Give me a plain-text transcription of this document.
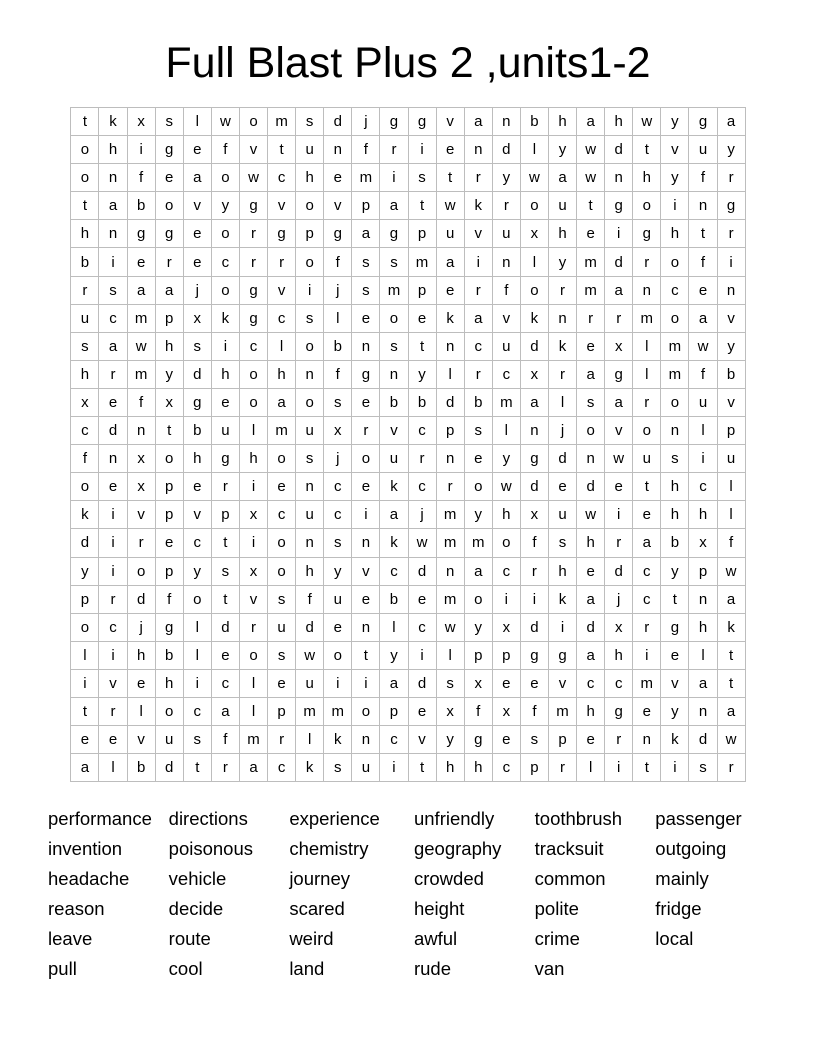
Full Blast Plus 2 ,units1-2
t	k	x	s	l	w	o	m	s	d	j	g	g	v	a	n	b	h	a	h	w	y	g	a
o	h	i	g	e	f	v	t	u	n	f	r	i	e	n	d	l	y	w	d	t	v	u	y
o	n	f	e	a	o	w	c	h	e	m	i	s	t	r	y	w	a	w	n	h	y	f	r
t	a	b	o	v	y	g	v	o	v	p	a	t	w	k	r	o	u	t	g	o	i	n	g
h	n	g	g	e	o	r	g	p	g	a	g	p	u	v	u	x	h	e	i	g	h	t	r
b	i	e	r	e	c	r	r	o	f	s	s	m	a	i	n	l	y	m	d	r	o	f	i
r	s	a	a	j	o	g	v	i	j	s	m	p	e	r	f	o	r	m	a	n	c	e	n
u	c	m	p	x	k	g	c	s	l	e	o	e	k	a	v	k	n	r	r	m	o	a	v
s	a	w	h	s	i	c	l	o	b	n	s	t	n	c	u	d	k	e	x	l	m	w	y
h	r	m	y	d	h	o	h	n	f	g	n	y	l	r	c	x	r	a	g	l	m	f	b
x	e	f	x	g	e	o	a	o	s	e	b	b	d	b	m	a	l	s	a	r	o	u	v
c	d	n	t	b	u	l	m	u	x	r	v	c	p	s	l	n	j	o	v	o	n	l	p
f	n	x	o	h	g	h	o	s	j	o	u	r	n	e	y	g	d	n	w	u	s	i	u
o	e	x	p	e	r	i	e	n	c	e	k	c	r	o	w	d	e	d	e	t	h	c	l
k	i	v	p	v	p	x	c	u	c	i	a	j	m	y	h	x	u	w	i	e	h	h	l
d	i	r	e	c	t	i	o	n	s	n	k	w	m	m	o	f	s	h	r	a	b	x	f
y	i	o	p	y	s	x	o	h	y	v	c	d	n	a	c	r	h	e	d	c	y	p	w
p	r	d	f	o	t	v	s	f	u	e	b	e	m	o	i	i	k	a	j	c	t	n	a
o	c	j	g	l	d	r	u	d	e	n	l	c	w	y	x	d	i	d	x	r	g	h	k
l	i	h	b	l	e	o	s	w	o	t	y	i	l	p	p	g	g	a	h	i	e	l	t
i	v	e	h	i	c	l	e	u	i	i	a	d	s	x	e	e	v	c	c	m	v	a	t
t	r	l	o	c	a	l	p	m	m	o	p	e	x	f	x	f	m	h	g	e	y	n	a
e	e	v	u	s	f	m	r	l	k	n	c	v	y	g	e	s	p	e	r	n	k	d	w
a	l	b	d	t	r	a	c	k	s	u	i	t	h	h	c	p	r	l	i	t	i	s	r
performance	directions	experience	unfriendly	toothbrush	passenger
invention	poisonous	chemistry	geography	tracksuit	outgoing
headache	vehicle	journey	crowded	common	mainly
reason	decide	scared	height	polite	fridge
leave	route	weird	awful	crime	local
pull	cool	land	rude	van	
